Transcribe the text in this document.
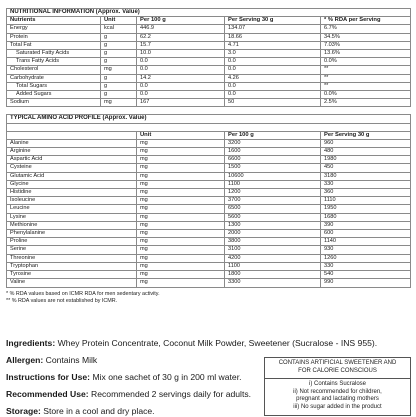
NUTRITIONAL INFORMATION (Approx. Value)				
Nutrients	Unit	Per 100 g	Per Serving 30 g	* % RDA per Serving
Energy	kcal	446.9	134.07	6.7%
Protein	g	62.2	18.66	34.5%
Total Fat	g	15.7	4.71	7.03%
Saturated Fatty Acids	g	10.0	3.0	13.6%
Trans Fatty Acids	g	0.0	0.0	0.0%
Cholesterol	mg	0.0	0.0	**
Carbohydrate	g	14.2	4.26	**
Total Sugars	g	0.0	0.0	**
Added Sugars	g	0.0	0.0	0.0%
Sodium	mg	167	50	2.5%
TYPICAL AMINO ACID PROFILE (Approx. Value)			

	Unit	Per 100 g	Per Serving 30 g
Alanine	mg	3200	960
Arginine	mg	1600	480
Aspartic Acid	mg	6600	1980
Cysteine	mg	1500	450
Glutamic Acid	mg	10600	3180
Glycine	mg	1100	330
Histidine	mg	1200	360
Isoleucine	mg	3700	1110
Leucine	mg	6500	1950
Lysine	mg	5600	1680
Methionine	mg	1300	390
Phenylalanine	mg	2000	600
Proline	mg	3800	1140
Serine	mg	3100	930
Threonine	mg	4200	1260
Tryptophan	mg	1100	330
Tyrosine	mg	1800	540
Valine	mg	3300	990
* % RDA values based on ICMR RDA for men sedentary activity.
** % RDA values are not established by ICMR.
Ingredients: Whey Protein Concentrate, Coconut Milk Powder, Sweetener (Sucralose - INS 955).
Allergen: Contains Milk
Instructions for Use: Mix one sachet of 30 g in 200 ml water.
Recommended Use: Recommended 2 servings daily for adults.
Storage: Store in a cool and dry place.
CONTAINS ARTIFICIAL SWEETENER AND
FOR CALORIE CONSCIOUS
i) Contains Sucralose
ii) Not recommended for children,
pregnant and lactating mothers
iii) No sugar added in the product
